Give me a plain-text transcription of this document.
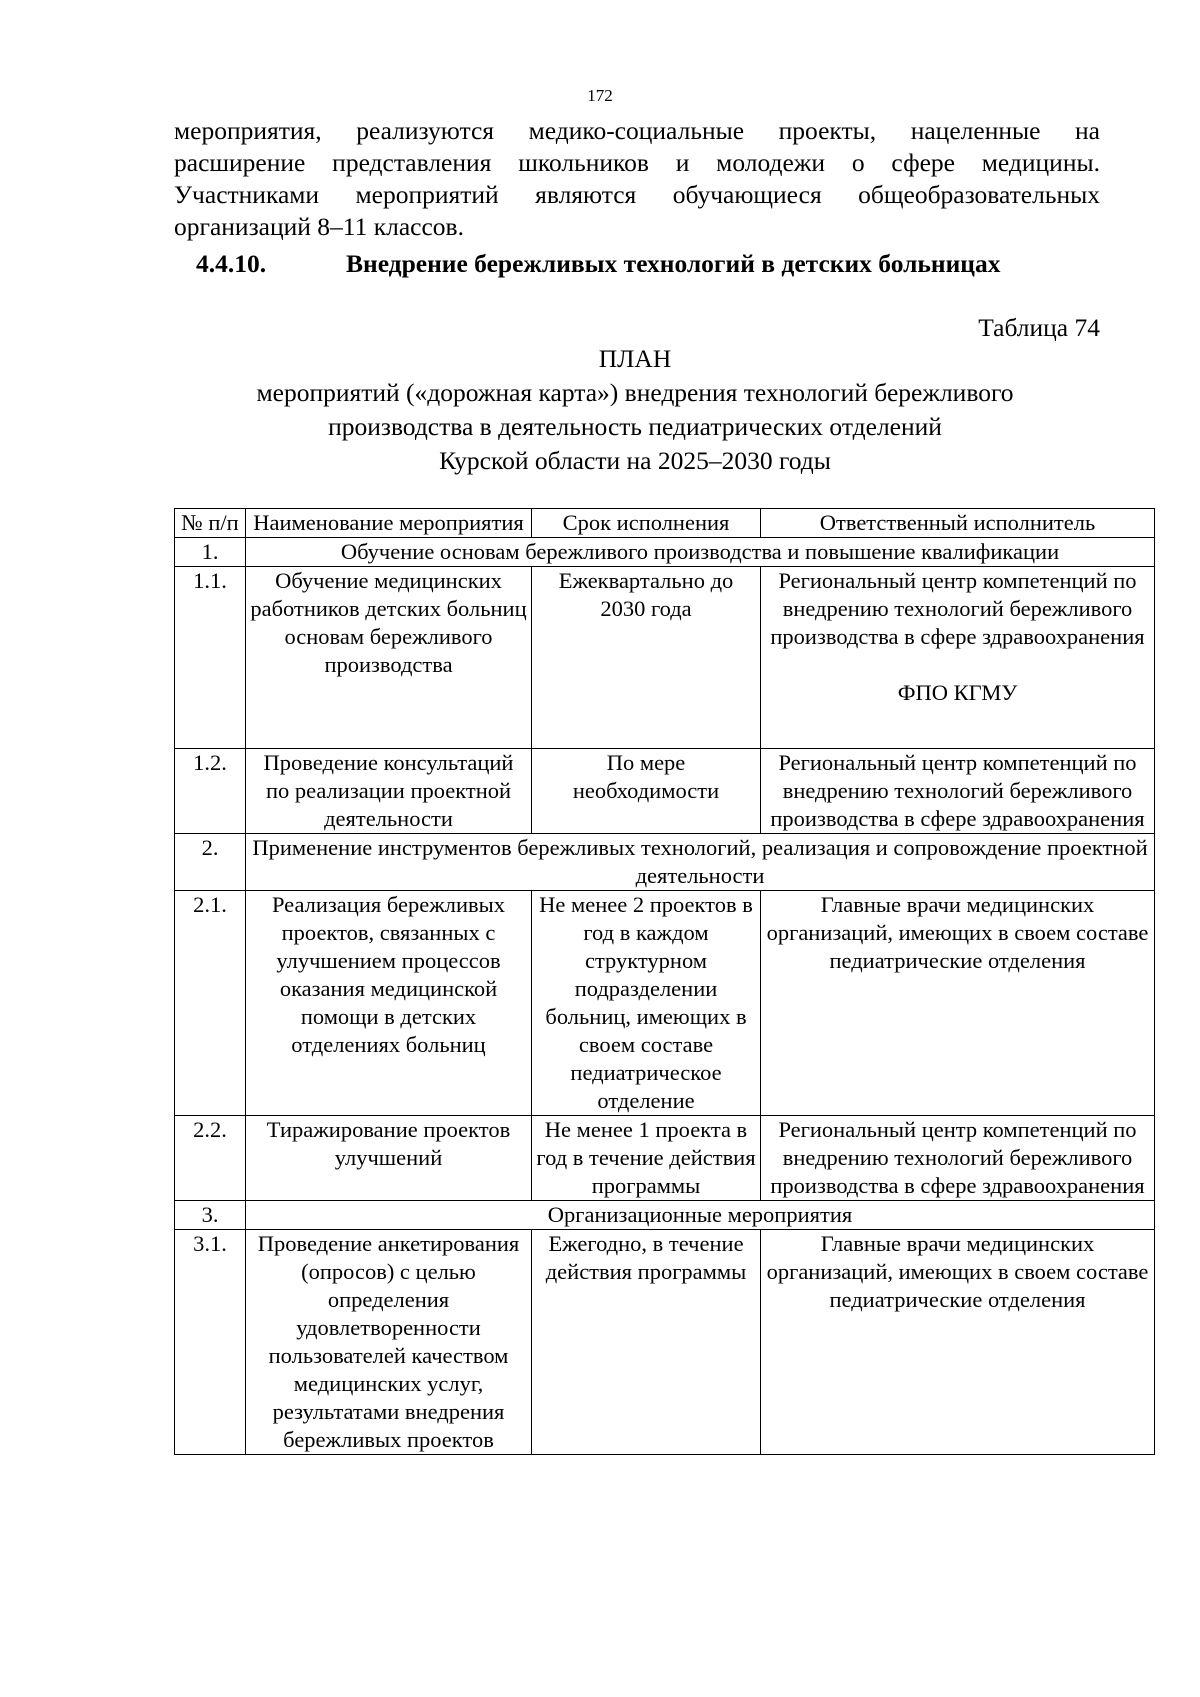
172
мероприятия, реализуются медико-социальные проекты, нацеленные на
расширение представления школьников и молодежи о сфере медицины.
Участниками мероприятий являются обучающиеся общеобразовательных
организаций 8–11 классов.
4.4.10.	Внедрение бережливых технологий в детских больницах
Таблица 74
ПЛАН
мероприятий («дорожная карта») внедрения технологий бережливого
производства в деятельность педиатрических отделений
Курской области на 2025–2030 годы
№ п/п	Наименование мероприятия	Срок исполнения	Ответственный исполнитель
1.	Обучение основам бережливого производства и повышение квалификации		
1.1.	Обучение медицинских работников детских больниц основам бережливого производства	Ежеквартально до 2030 года	Региональный центр компетенций по внедрению технологий бережливого производства в сфере здравоохранения
ФПО КГМУ

1.2.	Проведение консультаций по реализации проектной деятельности	По мере необходимости	Региональный центр компетенций по внедрению технологий бережливого производства в сфере здравоохранения
2.	Применение инструментов бережливых технологий, реализация и сопровождение проектной деятельности		
2.1.	Реализация бережливых проектов, связанных с улучшением процессов оказания медицинской помощи в детских отделениях больниц	Не менее 2 проектов в год в каждом структурном подразделении больниц, имеющих в своем составе педиатрическое отделение	Главные врачи медицинских организаций, имеющих в своем составе педиатрические отделения
2.2.	Тиражирование проектов улучшений	Не менее 1 проекта в год в течение действия программы	Региональный центр компетенций по внедрению технологий бережливого производства в сфере здравоохранения
3.	Организационные мероприятия		
3.1.	Проведение анкетирования (опросов) с целью определения удовлетворенности пользователей качеством медицинских услуг, результатами внедрения бережливых проектов	Ежегодно, в течение действия программы	Главные врачи медицинских организаций, имеющих в своем составе педиатрические отделения
